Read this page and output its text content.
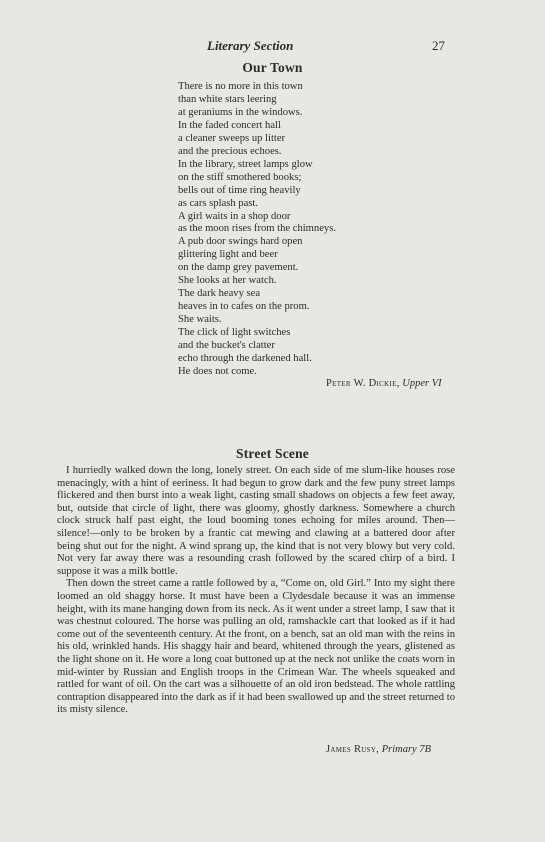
Literary Section	27
Our Town
There is no more in this town
than white stars leering
at geraniums in the windows.
In the faded concert hall
a cleaner sweeps up litter
and the precious echoes.
In the library, street lamps glow
on the stiff smothered books;
bells out of time ring heavily
as cars splash past.
A girl waits in a shop door
as the moon rises from the chimneys.
A pub door swings hard open
glittering light and beer
on the damp grey pavement.
She looks at her watch.
The dark heavy sea
heaves in to cafes on the prom.
She waits.
The click of light switches
and the bucket's clatter
echo through the darkened hall.
He does not come.
Peter W. Dickie, Upper VI
Street Scene

I hurriedly walked down the long, lonely street. On each side of me slum-like houses rose menacingly, with a hint of eeriness. It had begun to grow dark and the few puny street lamps flickered and then burst into a weak light, casting small shadows on objects a few feet away, but, outside that circle of light, there was gloomy, ghostly darkness. Somewhere a church clock struck half past eight, the loud booming tones echoing for miles around. Then—silence!—only to be broken by a frantic cat mewing and clawing at a battered door after being shut out for the night. A wind sprang up, the kind that is not very blowy but very cold. Not very far away there was a resounding crash followed by the scared chirp of a bird. I suppose it was a milk bottle.

Then down the street came a rattle followed by a, “Come on, old Girl.” Into my sight there loomed an old shaggy horse. It must have been a Clydesdale because it was an immense height, with its mane hanging down from its neck. As it went under a street lamp, I saw that it was chestnut coloured. The horse was pulling an old, ramshackle cart that looked as if it had come out of the seventeenth century. At the front, on a bench, sat an old man with the reins in his old, wrinkled hands. His shaggy hair and beard, whitened through the years, glistened as the light shone on it. He wore a long coat buttoned up at the neck not unlike the coats worn in mid-winter by Russian and English troops in the Crimean War. The wheels squeaked and rattled for want of oil. On the cart was a silhouette of an old iron bedstead. The whole rattling contraption disappeared into the dark as if it had been swallowed up and the street returned to its misty silence.

James Rusy, Primary 7B
